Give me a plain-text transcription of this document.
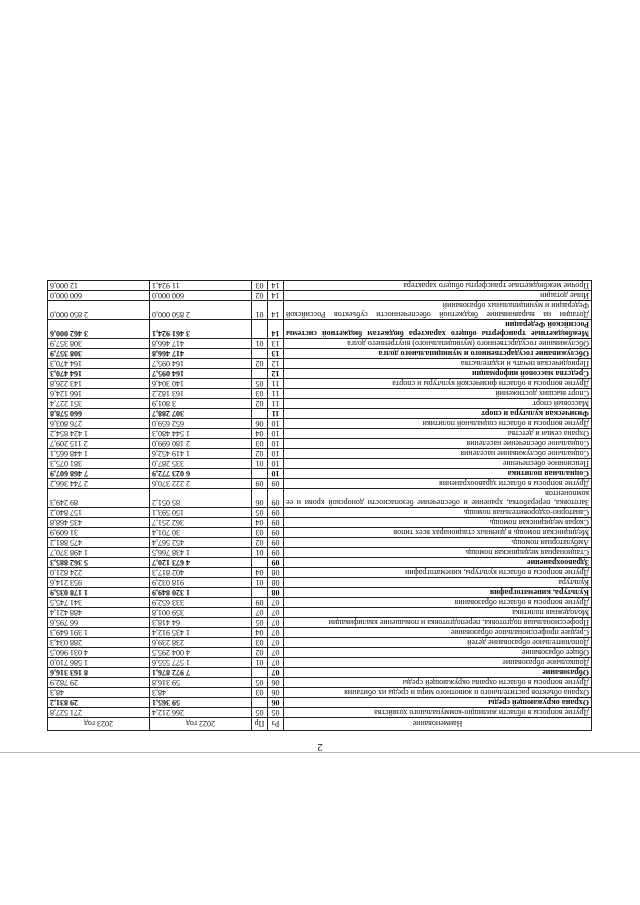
2
Наименование	Рз	Пр	2022 год	2023 год
Другие вопросы в области жилищно-коммунального хозяйства	05	05	266 212,4	271 527,8
Охрана окружающей среды	06		59 365,1	29 831,2
Охрана объектов растительного и животного мира и среды их обитания	06	03	48,3	48,3
Другие вопросы в области охраны окружающей среды	06	05	59 316,8	29 782,9
Образование	07		7 972 876,1	8 163 316,6
Дошкольное образование	07	01	1 577 555,6	1 586 710,0
Общее образование	07	02	4 004 295,5	4 031 960,5
Дополнительное образование детей	07	03	238 239,6	288 034,3
Среднее профессиональное образование	07	04	1 435 912,4	1 391 649,3
Профессиональная подготовка, переподготовка и повышение квалификации	07	05	64 418,3	66 795,6
Молодежная политика	07	07	359 001,8	488 421,4
Другие вопросы в области образования	07	09	333 652,9	341 745,5
Культура, кинематография	08		1 320 849,9	1 178 035,9
Культура	08	01	918 032,9	953 214,6
Другие вопросы в области культуры, кинематографии	08	04	402 817,3	224 821,0
Здравоохранение	09		4 673 120,7	5 362 885,3
Стационарная медицинская помощь	09	01	1 438 766,5	1 498 370,7
Амбулаторная помощь	09	02	452 567,4	475 881,2
Медицинская помощь в дневных стационарах всех типов	09	03	30 701,4	31 609,9
Скорая медицинская помощь	09	04	362 251,7	435 468,8
Санаторно-оздоровительная помощь	09	05	150 593,1	157 840,2
Заготовка, переработка, хранение и обеспечение безопасности донорской крови и ее компонентов	09	06	85 051,2	89 249,3
Другие вопросы в области здравоохранения	09	09	2 222 370,6	2 744 366,2
Социальная политика	10		6 023 772,9	7 468 607,9
Пенсионное обеспечение	10	01	335 287,0	381 075,3
Социальное обслуживание населения	10	02	1 419 452,6	1 448 665,1
Социальное обеспечение населения	10	03	2 180 699,0	2 115 209,7
Охрана семьи и детства	10	04	1 544 480,3	1 424 854,2
Другие вопросы в области социальной политики	10	06	652 659,0	276 803,6
Физическая культура и спорт	11		307 288,7	660 578,8
Массовый спорт	11	02	3 801,9	351 227,4
Спорт высших достижений	11	03	163 182,2	166 124,6
Другие вопросы в области физической культуры и спорта	11	05	140 304,6	143 226,8
Средства массовой информации	12		164 095,7	164 470,3
Периодическая печать и издательства	12	02	164 095,7	164 470,3
Обслуживание государственного и муниципального долга	13		417 466,8	308 357,9
Обслуживание государственного (муниципального) внутреннего долга	13	01	417 466,8	308 357,9
Межбюджетные трансферты общего характера бюджетам бюджетной системы Российской Федерации	14		3 461 924,1	3 462 000,6
Дотации на выравнивание бюджетной обеспеченности субъектов Российской Федерации и муниципальных образований	14	01	2 850 000,0	2 850 000,0
Иные дотации	14	02	600 000,0	600 000,0
Прочие межбюджетные трансферты общего характера	14	03	11 924,1	12 000,6
